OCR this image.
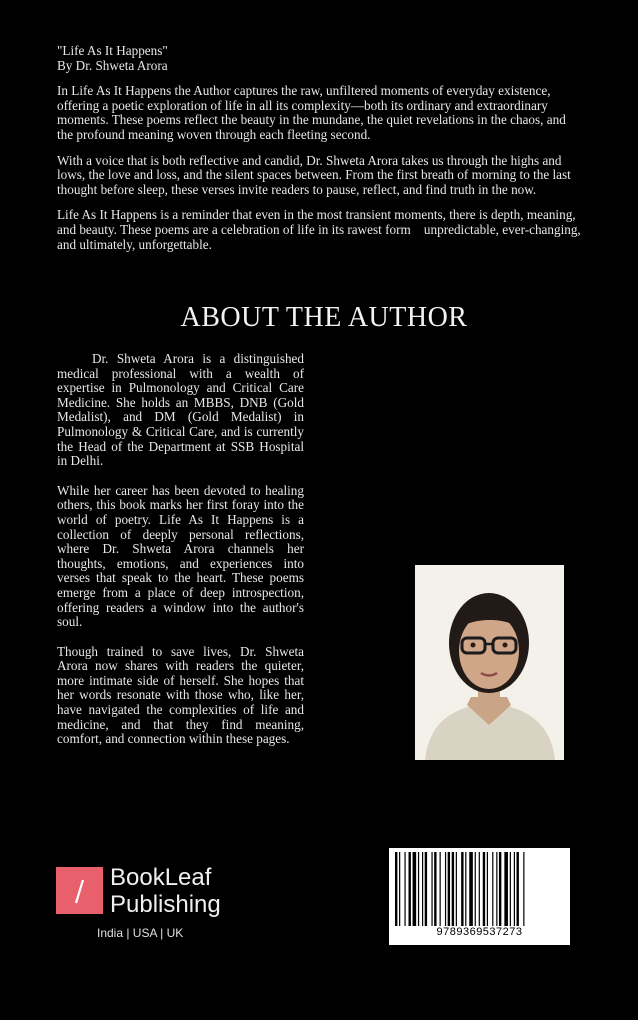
"Life As It Happens"
By Dr. Shweta Arora

In Life As It Happens the Author captures the raw, unfiltered moments of everyday existence, offering a poetic exploration of life in all its complexity—both its ordinary and extraordinary moments. These poems reflect the beauty in the mundane, the quiet revelations in the chaos, and the profound meaning woven through each fleeting second.

With a voice that is both reflective and candid, Dr. Shweta Arora takes us through the highs and lows, the love and loss, and the silent spaces between. From the first breath of morning to the last thought before sleep, these verses invite readers to pause, reflect, and find truth in the now.

Life As It Happens is a reminder that even in the most transient moments, there is depth, meaning, and beauty. These poems are a celebration of life in its rawest form    unpredictable, ever-changing, and ultimately, unforgettable.

ABOUT THE AUTHOR

Dr. Shweta Arora is a distinguished medical professional with a wealth of expertise in Pulmonology and Critical Care Medicine. She holds an MBBS, DNB (Gold Medalist), and DM (Gold Medalist) in Pulmonology & Critical Care, and is currently the Head of the Department at SSB Hospital in Delhi.

While her career has been devoted to healing others, this book marks her first foray into the world of poetry. Life As It Happens is a collection of deeply personal reflections, where Dr. Shweta Arora channels her thoughts, emotions, and experiences into verses that speak to the heart. These poems emerge from a place of deep introspection, offering readers a window into the author's soul.

Though trained to save lives, Dr. Shweta Arora now shares with readers the quieter, more intimate side of herself. She hopes that her words resonate with those who, like her, have navigated the complexities of life and medicine, and that they find meaning, comfort, and connection within these pages.

9789369537273
BookLeaf
Publishing
India | USA | UK
